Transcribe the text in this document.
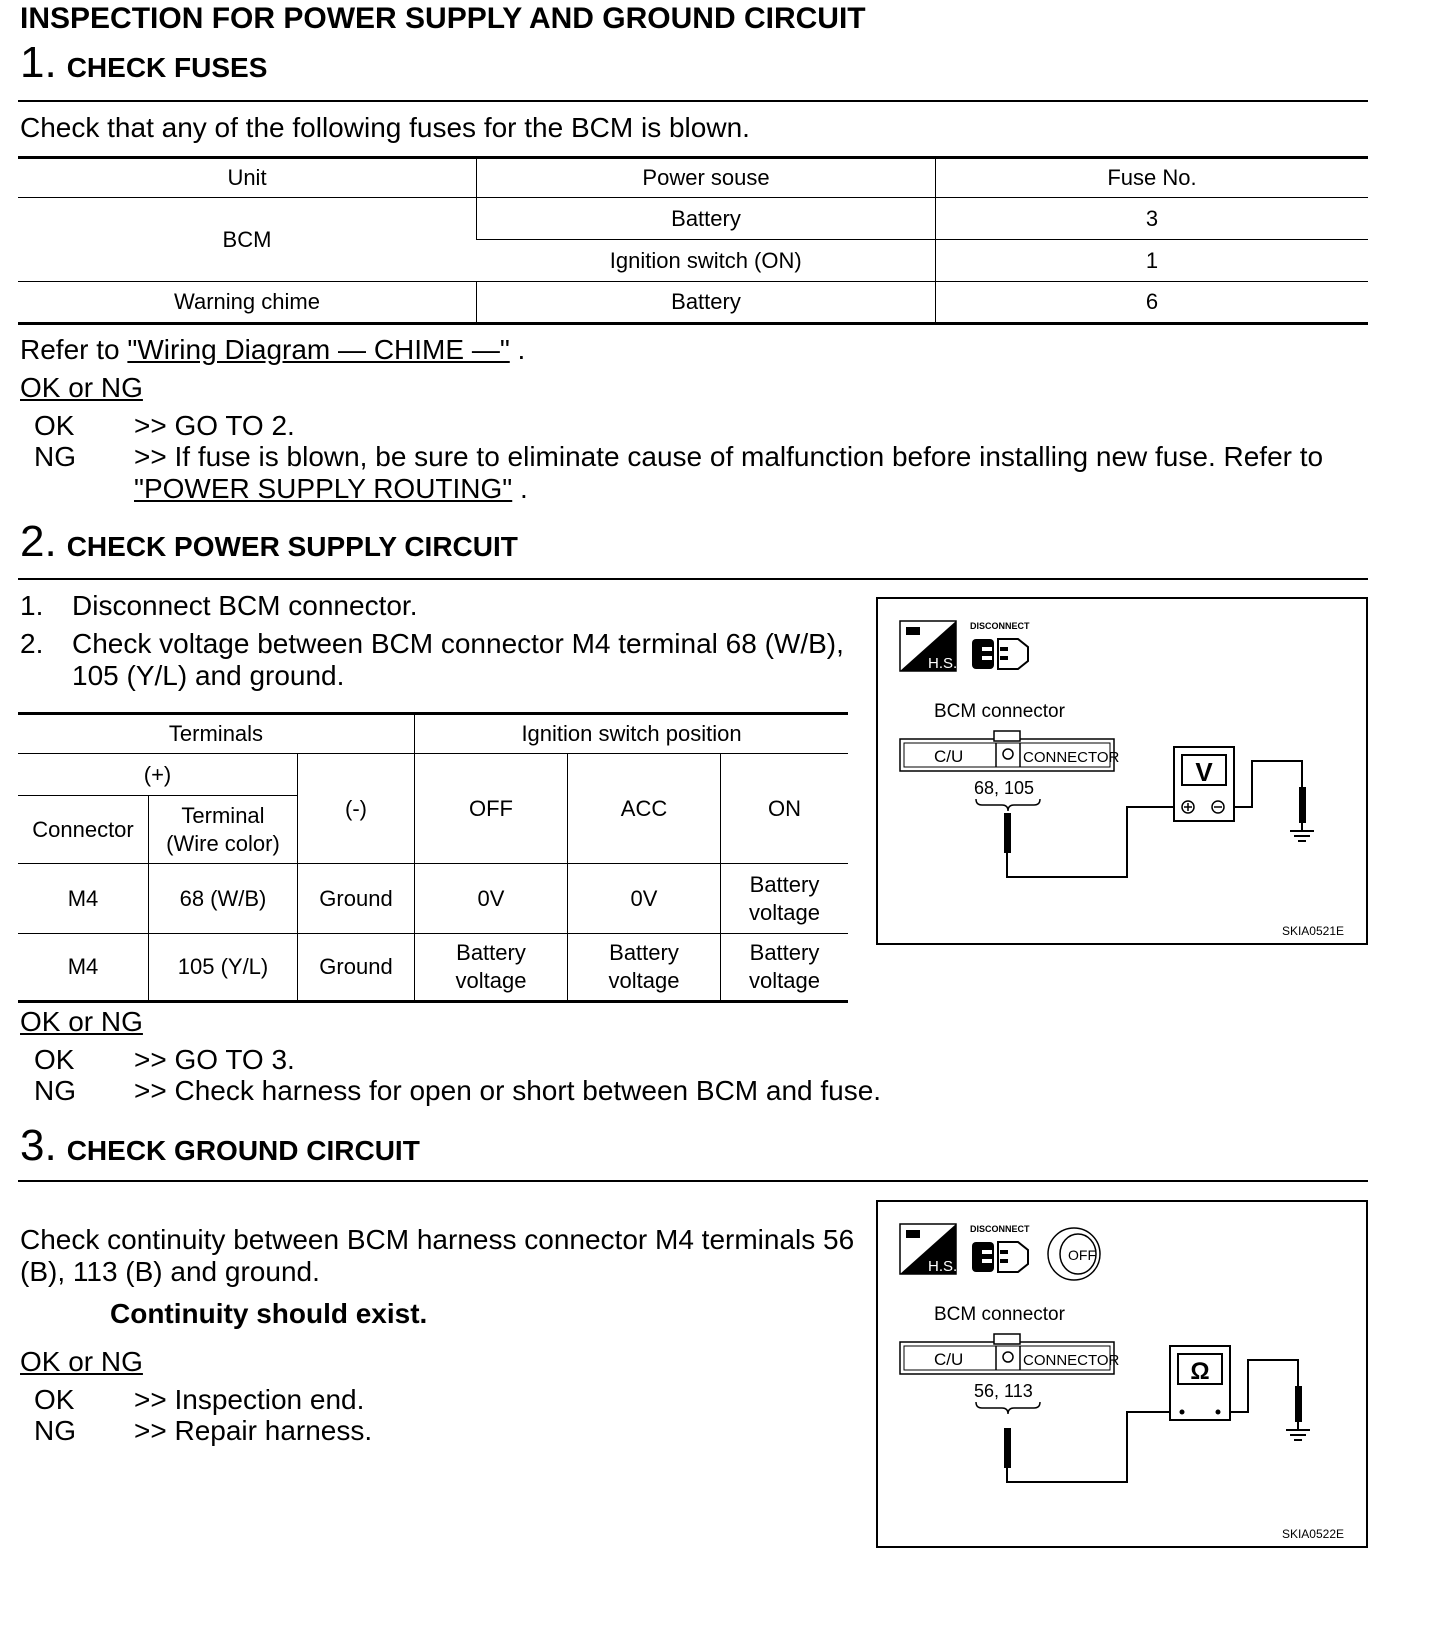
INSPECTION FOR POWER SUPPLY AND GROUND CIRCUIT
1. CHECK FUSES
Check that any of the following fuses for the BCM is blown.
Unit	Power souse	Fuse No.
BCM	Battery	3
	Ignition switch (ON)	1
Warning chime	Battery	6
Refer to "Wiring Diagram — CHIME —" .
OK or NG
OK	>> GO TO 2.
NG	>> If fuse is blown, be sure to eliminate cause of malfunction before installing new fuse. Refer to
"POWER SUPPLY ROUTING" .
2. CHECK POWER SUPPLY CIRCUIT
1.	Disconnect BCM connector.
2.	Check voltage between BCM connector M4 terminal 68 (W/B), 105 (Y/L) and ground.
Terminals			Ignition switch position		
(+)		(-)	OFF	ACC	ON
Connector	Terminal (Wire color)				
M4	68 (W/B)	Ground	0V	0V	Battery voltage
M4	105 (Y/L)	Ground	Battery voltage	Battery voltage	Battery voltage
OK or NG
OK	>> GO TO 3.
NG	>> Check harness for open or short between BCM and fuse.
H.S.
DISCONNECT
BCM connector
C/U	CONNECTOR
68, 105
V
SKIA0521E
3. CHECK GROUND CIRCUIT
Check continuity between BCM harness connector M4 terminals 56 (B), 113 (B) and ground.
Continuity should exist.
OK or NG
OK	>> Inspection end.
NG	>> Repair harness.
H.S.
DISCONNECT
OFF
BCM connector
C/U	CONNECTOR
56, 113
Ω
SKIA0522E
